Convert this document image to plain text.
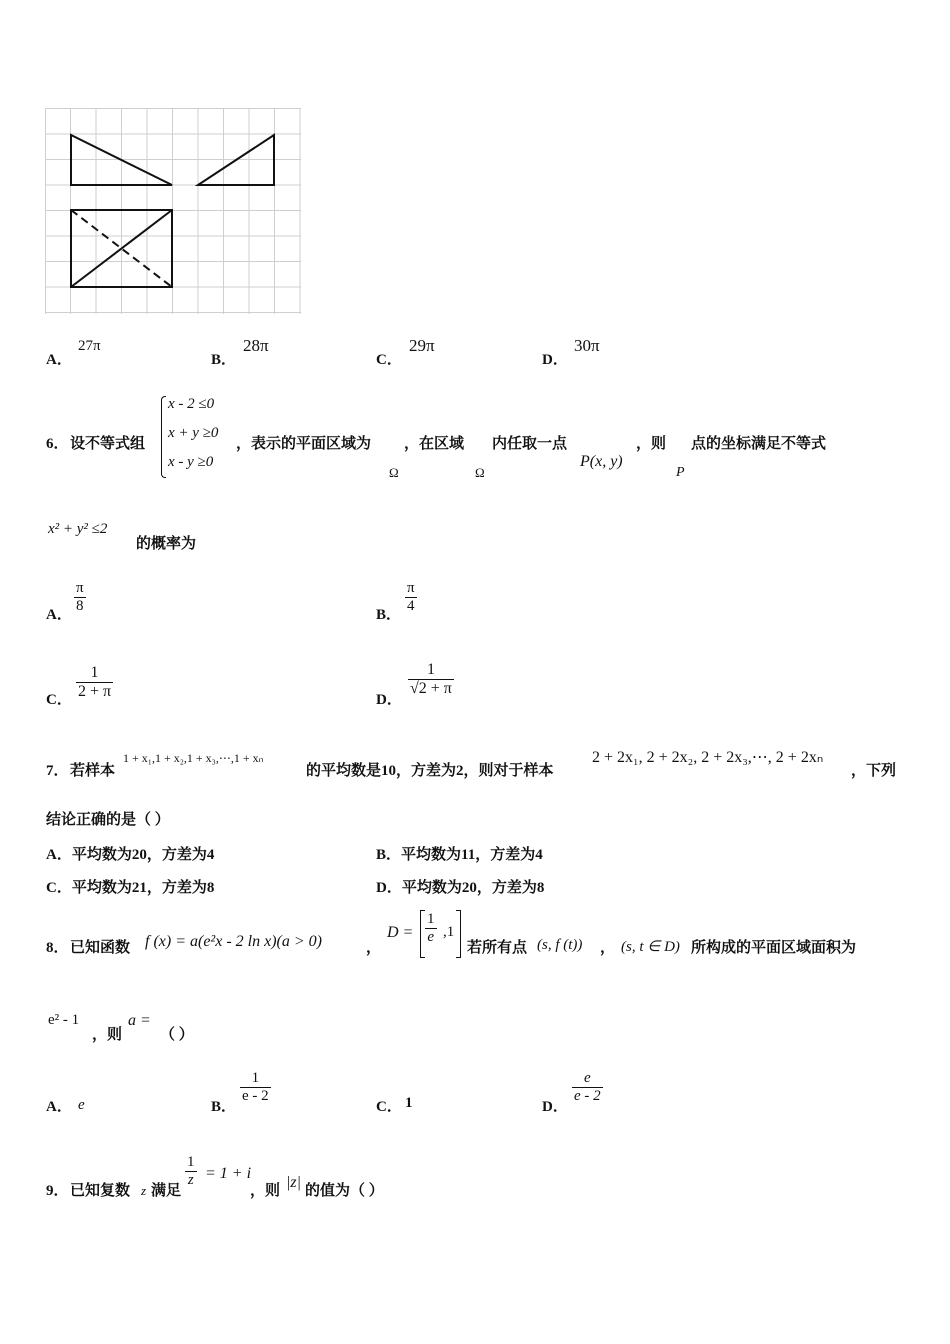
A．
27π
B．
28π
C．
29π
D．
30π
6． 设不等式组
x - 2 ≤0
x + y ≥0
x - y ≥0
，表示的平面区域为 ，在区域 内任取一点	，则 点的坐标满足不等式
Ω	Ω
P(x, y)
P
x² + y² ≤2
的概率为
A． $\frac{\pi}{8}$	B． $\frac{\pi}{4}$
C． $\frac{1}{2 + \pi}$	D．
$\frac{1}{√2 + \pi}$
7． 若样本
1 + x₁,1 + x₂,1 + x₃,⋯,1 + xₙ
的平均数是10，方差为2，则对于样本
2 + 2x₁, 2 + 2x₂, 2 + 2x₃,⋯, 2 + 2xₙ
，下列
结论正确的是（ ）
A．平均数为20，方差为4	B．平均数为11，方差为4
C．平均数为21，方差为8	D．平均数为20，方差为8
8． 已知函数 f (x) = a(e²x - 2 ln x)(a > 0)	，
$D = \frac{1}{e} ,1$
若所有点 (s, f (t)) ， (s, t ∈ D) 所构成的平面区域面积为
e² - 1
，则
a =
（ ）
A． e	B．
$\frac{1}{e - 2}$
C． 1	D．
$\frac{e}{e - 2}$
9． 已知复数 z 满足
$\frac{1}{z} = 1 + i$
，则 |z| 的值为（ ）
